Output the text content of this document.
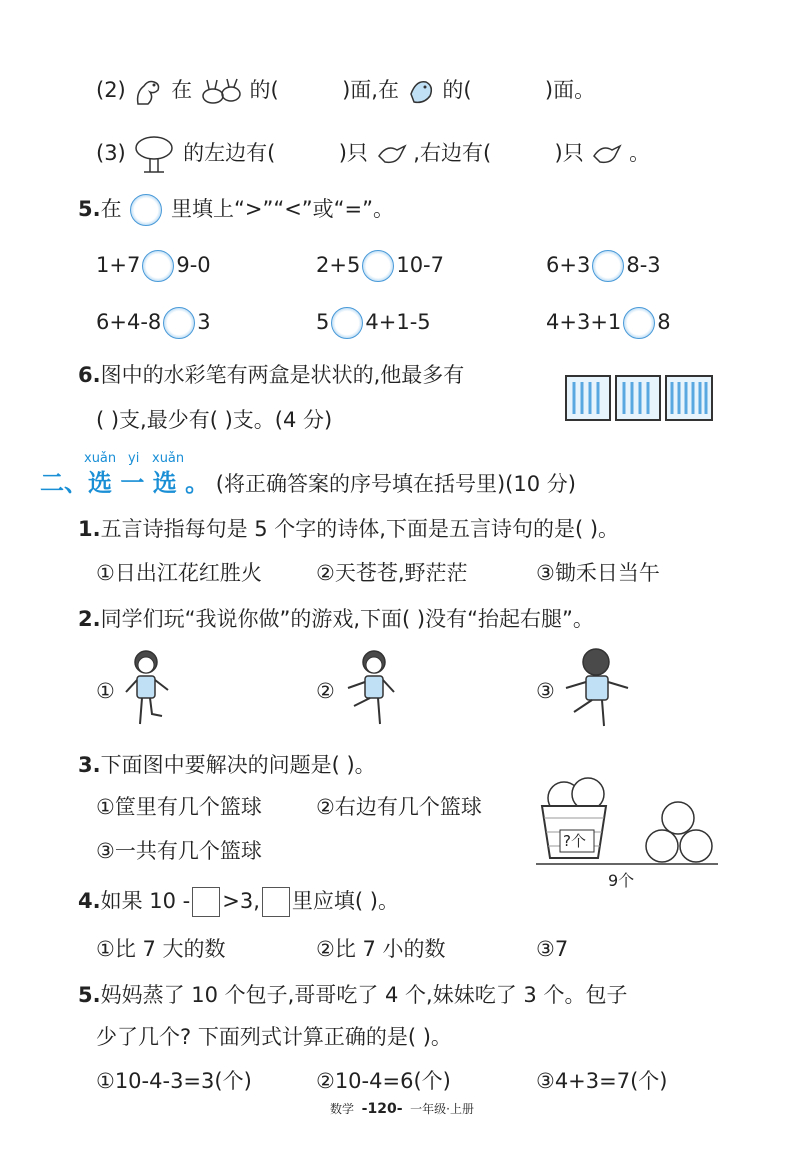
(2) 在	的(	)面,在 的(	)面。
(3)	的左边有(	)只 ,右边有(	)只 。
5.在 里填上“>”“<”或“=”。
1+7 9-0	2+5 10-7	6+3 8-3
6+4-8 3	5 4+1-5	4+3+1 8
6.图中的水彩笔有两盒是状状的,他最多有
( )支,最少有( )支。(4 分)
xuǎn yi xuǎn
二、选 一 选 。 (将正确答案的序号填在括号里)(10 分)
1.五言诗指每句是 5 个字的诗体,下面是五言诗句的是( )。
①日出江花红胜火	②天苍苍,野茫茫	③锄禾日当午
2.同学们玩“我说你做”的游戏,下面( )没有“抬起右腿”。
①	②	③
3.下面图中要解决的问题是( )。
①筐里有几个篮球	②右边有几个篮球
③一共有几个篮球	?个
9个
4.如果 10 - >3, 里应填( )。
①比 7 大的数	②比 7 小的数	③7
5.妈妈蒸了 10 个包子,哥哥吃了 4 个,妹妹吃了 3 个。包子
少了几个? 下面列式计算正确的是( )。
①10-4-3=3(个)	②10-4=6(个)	③4+3=7(个)
数学 -120- 一年级·上册
